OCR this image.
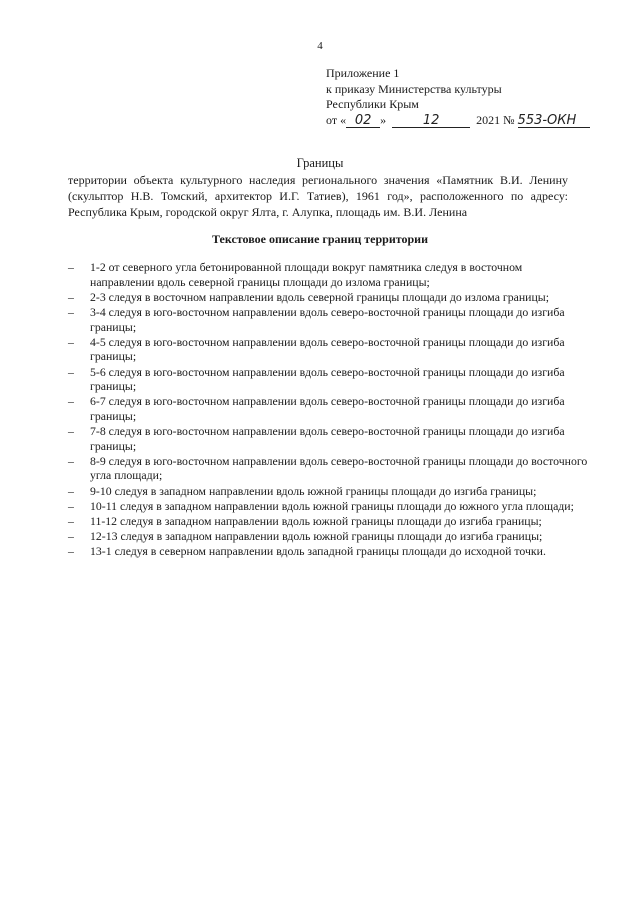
4
Приложение 1
к приказу Министерства культуры
Республики Крым
от « 02 »	12	2021 № 553-ОКН
Границы
территории объекта культурного наследия регионального значения «Памятник В.И. Ленину (скульптор Н.В. Томский, архитектор И.Г. Татиев), 1961 год», расположенного по адресу: Республика Крым, городской округ Ялта, г. Алупка, площадь им. В.И. Ленина
Текстовое описание границ территории
– 1-2 от северного угла бетонированной площади вокруг памятника следуя в восточном направлении вдоль северной границы площади до излома границы;
– 2-3 следуя в восточном направлении вдоль северной границы площади до излома границы;
– 3-4 следуя в юго-восточном направлении вдоль северо-восточной границы площади до изгиба границы;
– 4-5 следуя в юго-восточном направлении вдоль северо-восточной границы площади до изгиба границы;
– 5-6 следуя в юго-восточном направлении вдоль северо-восточной границы площади до изгиба границы;
– 6-7 следуя в юго-восточном направлении вдоль северо-восточной границы площади до изгиба границы;
– 7-8 следуя в юго-восточном направлении вдоль северо-восточной границы площади до изгиба границы;
– 8-9 следуя в юго-восточном направлении вдоль северо-восточной границы площади до восточного угла площади;
– 9-10 следуя в западном направлении вдоль южной границы площади до изгиба границы;
– 10-11 следуя в западном направлении вдоль южной границы площади до южного угла площади;
– 11-12 следуя в западном направлении вдоль южной границы площади до изгиба границы;
– 12-13 следуя в западном направлении вдоль южной границы площади до изгиба границы;
– 13-1 следуя в северном направлении вдоль западной границы площади до исходной точки.
